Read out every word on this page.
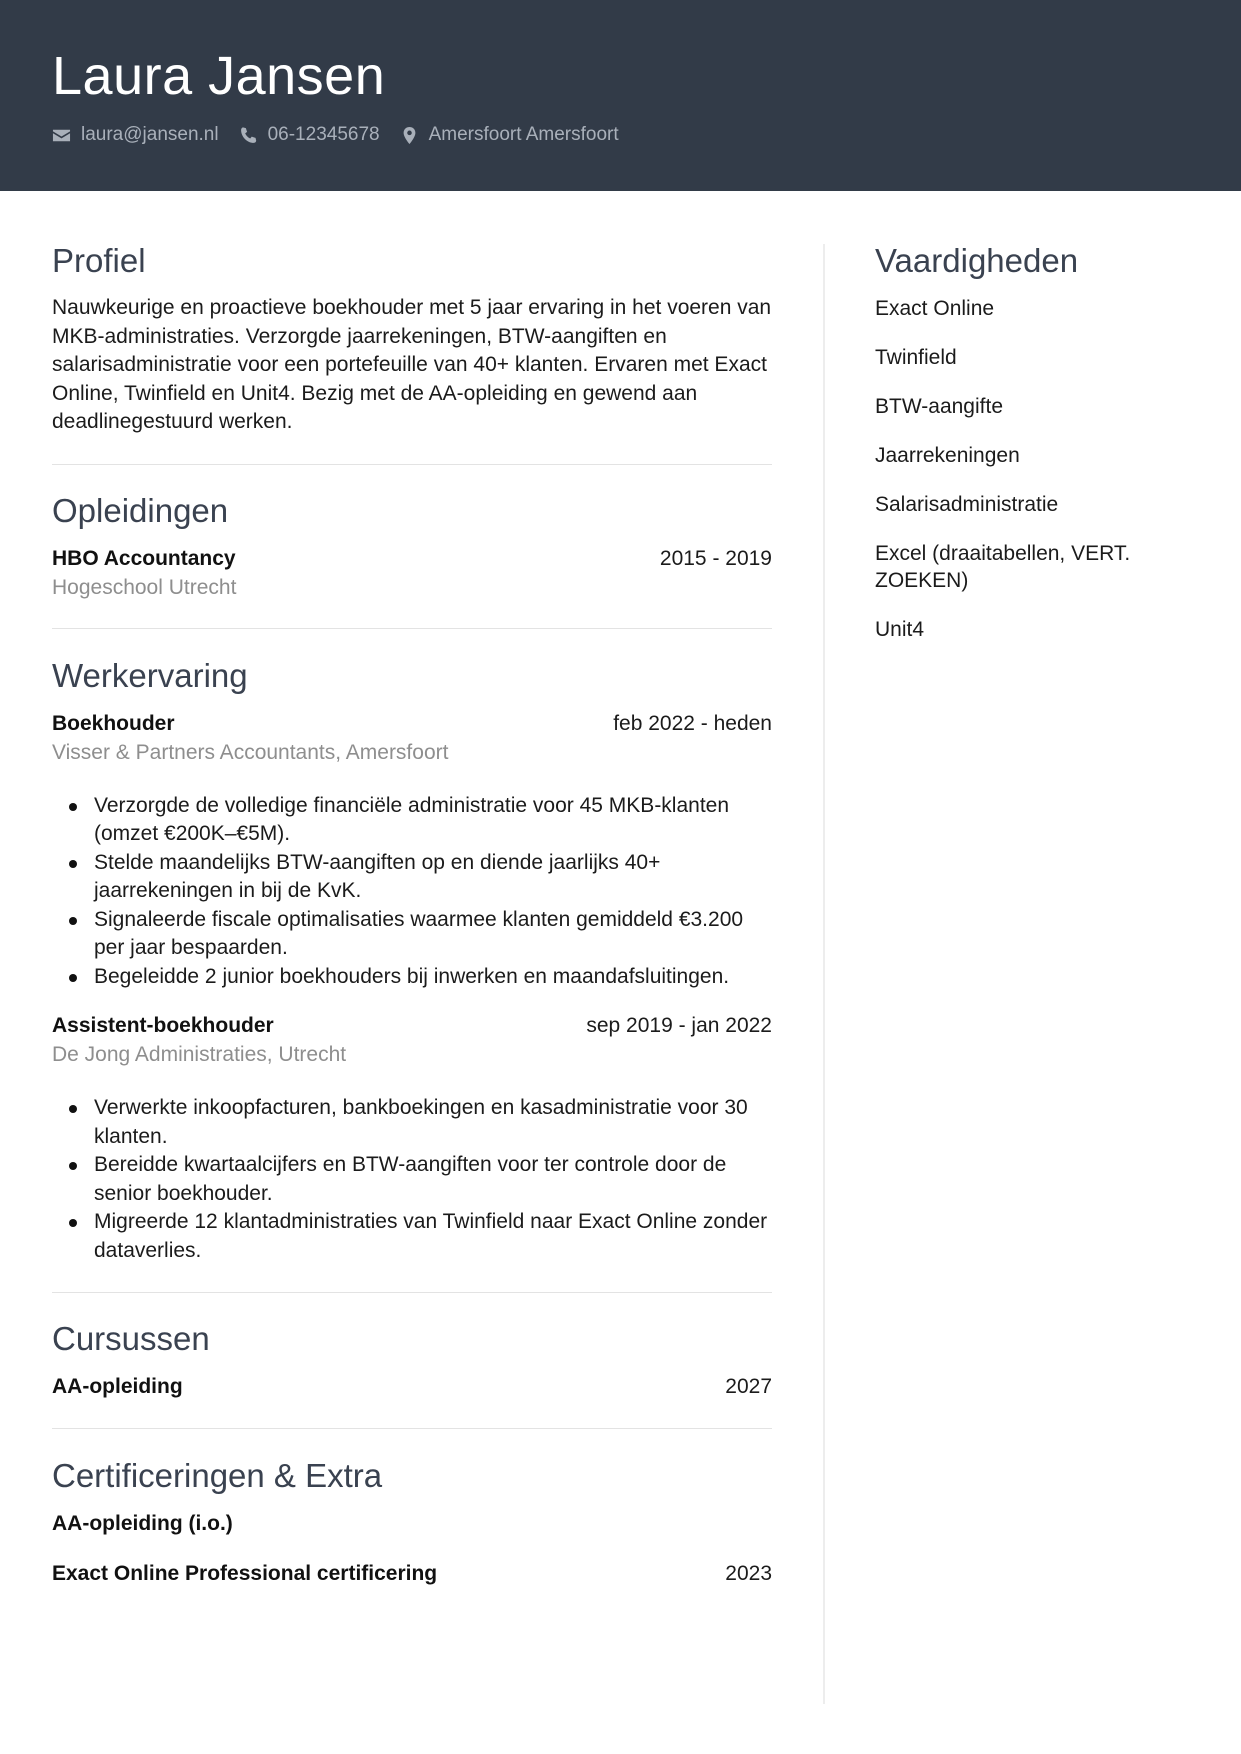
Laura Jansen
laura@jansen.nl	06-12345678	Amersfoort Amersfoort
Profiel

Nauwkeurige en proactieve boekhouder met 5 jaar ervaring in het voeren van MKB-administraties. Verzorgde jaarrekeningen, BTW-aangiften en salarisadministratie voor een portefeuille van 40+ klanten. Ervaren met Exact Online, Twinfield en Unit4. Bezig met de AA-opleiding en gewend aan deadlinegestuurd werken.

Opleidingen
HBO Accountancy	2015 - 2019
Hogeschool Utrecht
Werkervaring
Boekhouder	feb 2022 - heden
Visser & Partners Accountants, Amersfoort
Verzorgde de volledige financiële administratie voor 45 MKB-klanten (omzet €200K–€5M).
Stelde maandelijks BTW-aangiften op en diende jaarlijks 40+ jaarrekeningen in bij de KvK.
Signaleerde fiscale optimalisaties waarmee klanten gemiddeld €3.200 per jaar bespaarden.
Begeleidde 2 junior boekhouders bij inwerken en maandafsluitingen.
Assistent-boekhouder	sep 2019 - jan 2022
De Jong Administraties, Utrecht
Verwerkte inkoopfacturen, bankboekingen en kasadministratie voor 30 klanten.
Bereidde kwartaalcijfers en BTW-aangiften voor ter controle door de senior boekhouder.
Migreerde 12 klantadministraties van Twinfield naar Exact Online zonder dataverlies.
Cursussen
AA-opleiding	2027
Certificeringen & Extra
AA-opleiding (i.o.)
Exact Online Professional certificering	2023
Vaardigheden
Exact Online
Twinfield
BTW-aangifte
Jaarrekeningen
Salarisadministratie
Excel (draaitabellen, VERT. ZOEKEN)
Unit4
